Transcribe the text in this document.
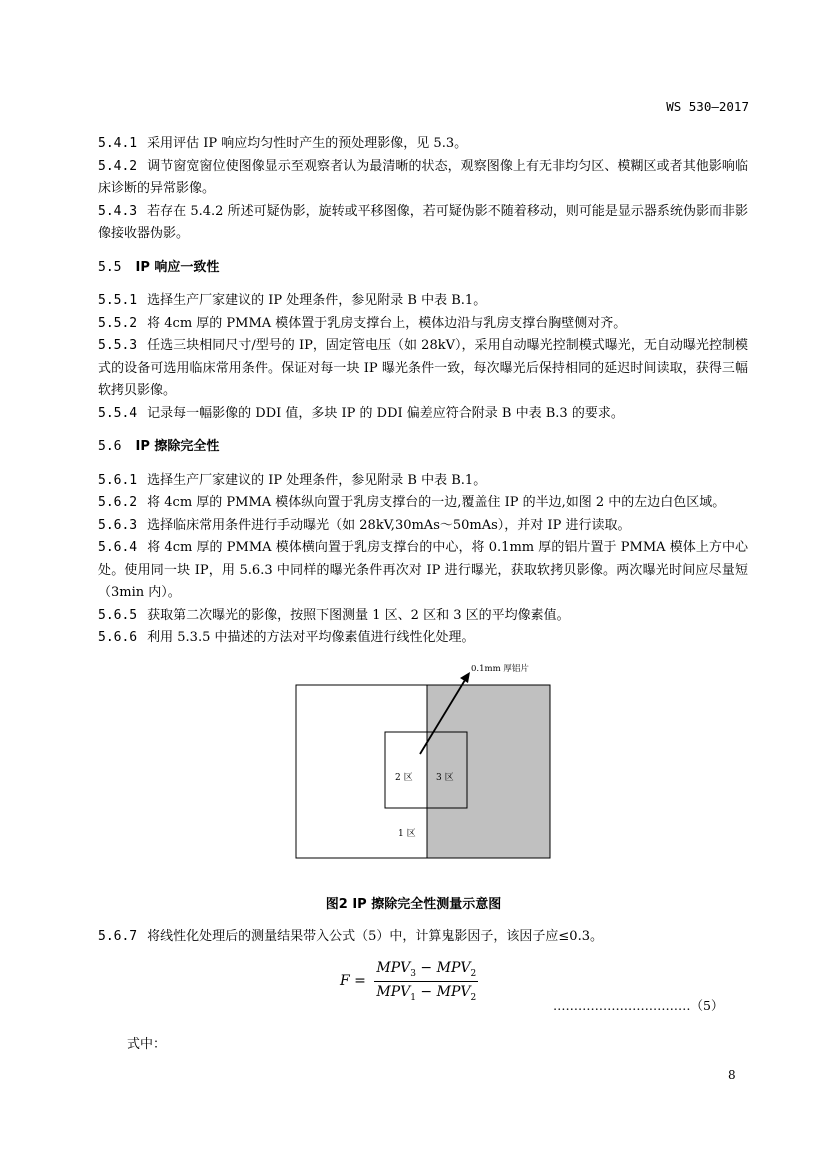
WS 530—2017

5.4.1 采用评估 IP 响应均匀性时产生的预处理影像，见 5.3。

5.4.2 调节窗宽窗位使图像显示至观察者认为最清晰的状态，观察图像上有无非均匀区、模糊区或者其他影响临床诊断的异常影像。

5.4.3 若存在 5.4.2 所述可疑伪影，旋转或平移图像，若可疑伪影不随着移动，则可能是显示器系统伪影而非影像接收器伪影。

5.5 IP 响应一致性

5.5.1 选择生产厂家建议的 IP 处理条件，参见附录 B 中表 B.1。

5.5.2 将 4cm 厚的 PMMA 模体置于乳房支撑台上，模体边沿与乳房支撑台胸壁侧对齐。

5.5.3 任选三块相同尺寸/型号的 IP，固定管电压（如 28kV），采用自动曝光控制模式曝光，无自动曝光控制模式的设备可选用临床常用条件。保证对每一块 IP 曝光条件一致，每次曝光后保持相同的延迟时间读取，获得三幅软拷贝影像。

5.5.4 记录每一幅影像的 DDI 值，多块 IP 的 DDI 偏差应符合附录 B 中表 B.3 的要求。

5.6 IP 擦除完全性

5.6.1 选择生产厂家建议的 IP 处理条件，参见附录 B 中表 B.1。

5.6.2 将 4cm 厚的 PMMA 模体纵向置于乳房支撑台的一边,覆盖住 IP 的半边,如图 2 中的左边白色区域。

5.6.3 选择临床常用条件进行手动曝光（如 28kV,30mAs～50mAs），并对 IP 进行读取。

5.6.4 将 4cm 厚的 PMMA 模体横向置于乳房支撑台的中心，将 0.1mm 厚的铝片置于 PMMA 模体上方中心处。使用同一块 IP，用 5.6.3 中同样的曝光条件再次对 IP 进行曝光，获取软拷贝影像。两次曝光时间应尽量短（3min 内）。

5.6.5 获取第二次曝光的影像，按照下图测量 1 区、2 区和 3 区的平均像素值。

5.6.6 利用 5.3.5 中描述的方法对平均像素值进行线性化处理。

0.1mm 厚铝片
2 区	3 区
1 区
图2 IP 擦除完全性测量示意图
5.6.7 将线性化处理后的测量结果带入公式（5）中，计算鬼影因子，该因子应≤0.3。
$F = \frac{MPV_3 - MPV_2}{MPV_1 - MPV_2}$
……………………………（5）
式中：
8
